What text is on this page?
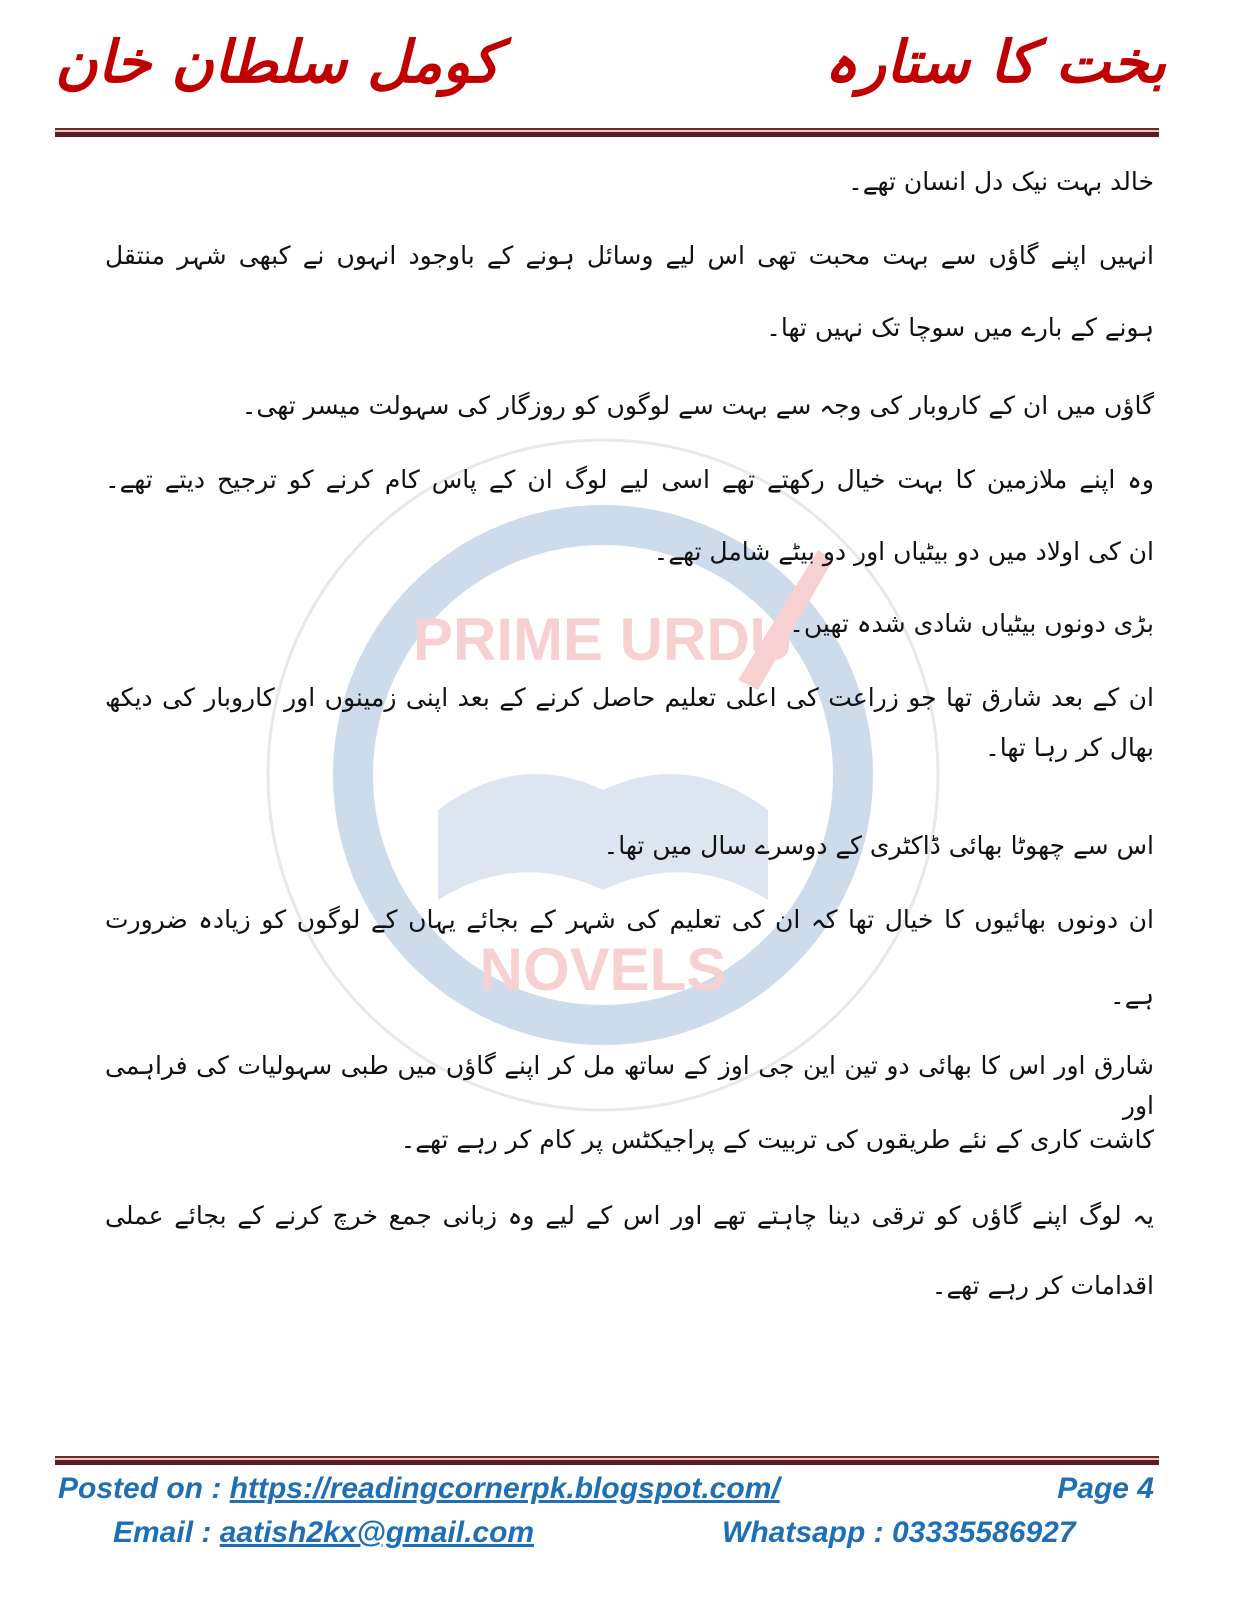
بخت کا ستارہ
کومل سلطان خان
PRIME URDU
NOVELS
خالد بہت نیک دل انسان تھے۔
انہیں اپنے گاؤں سے بہت محبت تھی اس لیے وسائل ہونے کے باوجود انہوں نے کبھی شہر منتقل
ہونے کے بارے میں سوچا تک نہیں تھا۔
گاؤں میں ان کے کاروبار کی وجہ سے بہت سے لوگوں کو روزگار کی سہولت میسر تھی۔
وہ اپنے ملازمین کا بہت خیال رکھتے تھے اسی لیے لوگ ان کے پاس کام کرنے کو ترجیح دیتے تھے۔
ان کی اولاد میں دو بیٹیاں اور دو بیٹے شامل تھے۔
بڑی دونوں بیٹیاں شادی شدہ تھیں۔
ان کے بعد شارق تھا جو زراعت کی اعلی تعلیم حاصل کرنے کے بعد اپنی زمینوں اور کاروبار کی دیکھ
بھال کر رہا تھا۔
اس سے چھوٹا بھائی ڈاکٹری کے دوسرے سال میں تھا۔
ان دونوں بھائیوں کا خیال تھا کہ ان کی تعلیم کی شہر کے بجائے یہاں کے لوگوں کو زیادہ ضرورت
ہے۔
شارق اور اس کا بھائی دو تین این جی اوز کے ساتھ مل کر اپنے گاؤں میں طبی سہولیات کی فراہمی اور
کاشت کاری کے نئے طریقوں کی تربیت کے پراجیکٹس پر کام کر رہے تھے۔
یہ لوگ اپنے گاؤں کو ترقی دینا چاہتے تھے اور اس کے لیے وہ زبانی جمع خرچ کرنے کے بجائے عملی
اقدامات کر رہے تھے۔
Posted on : https://readingcornerpk.blogspot.com/	Page 4
Email : aatish2kx@gmail.com	Whatsapp : 03335586927
